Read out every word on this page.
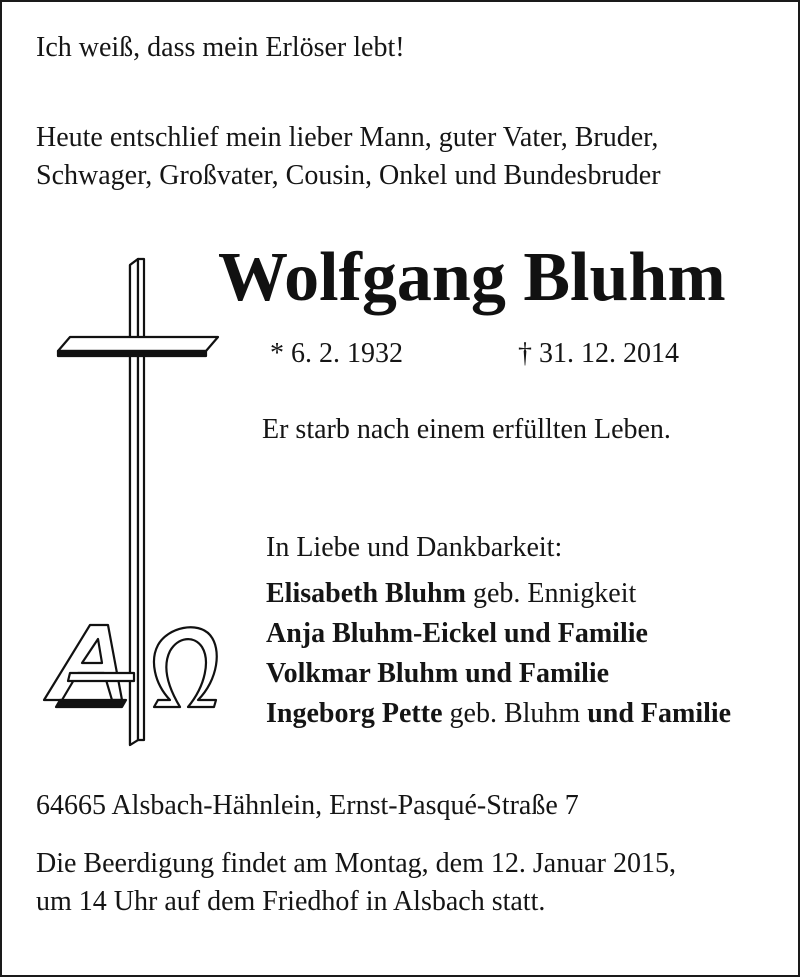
Ich weiß, dass mein Erlöser lebt!
Heute entschlief mein lieber Mann, guter Vater, Bruder,
Schwager, Großvater, Cousin, Onkel und Bundesbruder
Wolfgang Bluhm
* 6. 2. 1932	† 31. 12. 2014
Er starb nach einem erfüllten Leben.
In Liebe und Dankbarkeit:
Elisabeth Bluhm geb. Ennigkeit
Anja Bluhm-Eickel und Familie
Volkmar Bluhm und Familie
Ingeborg Pette geb. Bluhm und Familie
64665 Alsbach-Hähnlein, Ernst-Pasqué-Straße 7
Die Beerdigung findet am Montag, dem 12. Januar 2015,
um 14 Uhr auf dem Friedhof in Alsbach statt.
